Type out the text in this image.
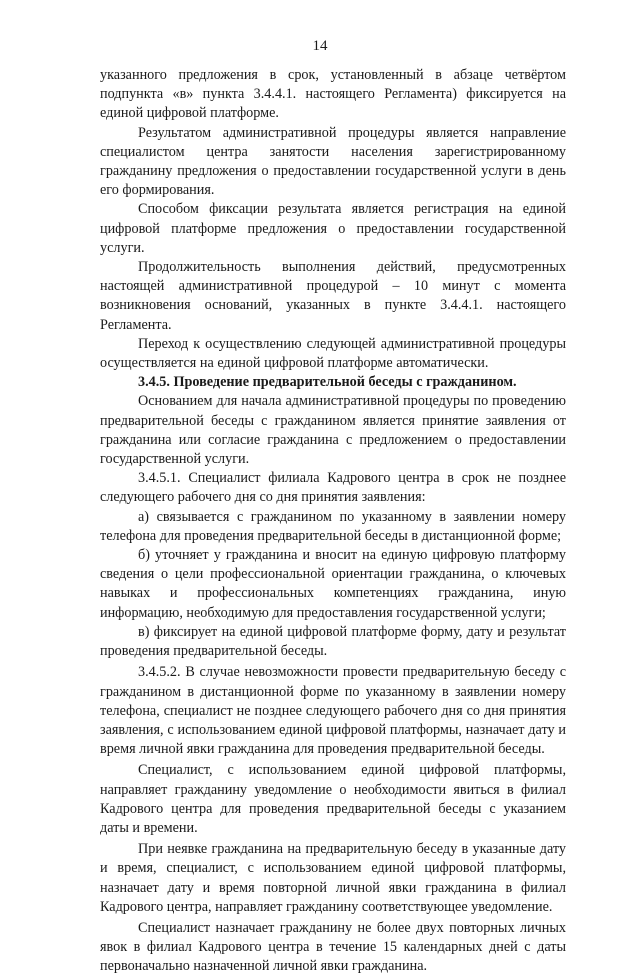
14

указанного предложения в срок, установленный в абзаце четвёртом подпункта «в» пункта 3.4.4.1. настоящего Регламента) фиксируется на единой цифровой платформе.

Результатом административной процедуры является направление специалистом центра занятости населения зарегистрированному гражданину предложения о предоставлении государственной услуги в день его формирования.

Способом фиксации результата является регистрация на единой цифровой платформе предложения о предоставлении государственной услуги.

Продолжительность выполнения действий, предусмотренных настоящей административной процедурой – 10 минут с момента возникновения оснований, указанных в пункте 3.4.4.1. настоящего Регламента.

Переход к осуществлению следующей административной процедуры осуществляется на единой цифровой платформе автоматически.

3.4.5. Проведение предварительной беседы с гражданином.

Основанием для начала административной процедуры по проведению предварительной беседы с гражданином является принятие заявления от гражданина или согласие гражданина с предложением о предоставлении государственной услуги.

3.4.5.1. Специалист филиала Кадрового центра в срок не позднее следующего рабочего дня со дня принятия заявления:

а) связывается с гражданином по указанному в заявлении номеру телефона для проведения предварительной беседы в дистанционной форме;

б) уточняет у гражданина и вносит на единую цифровую платформу сведения о цели профессиональной ориентации гражданина, о ключевых навыках и профессиональных компетенциях гражданина, иную информацию, необходимую для предоставления государственной услуги;

в) фиксирует на единой цифровой платформе форму, дату и результат проведения предварительной беседы.

3.4.5.2. В случае невозможности провести предварительную беседу с гражданином в дистанционной форме по указанному в заявлении номеру телефона, специалист не позднее следующего рабочего дня со дня принятия заявления, с использованием единой цифровой платформы, назначает дату и время личной явки гражданина для проведения предварительной беседы.

Специалист, с использованием единой цифровой платформы, направляет гражданину уведомление о необходимости явиться в филиал Кадрового центра для проведения предварительной беседы с указанием даты и времени.

При неявке гражданина на предварительную беседу в указанные дату и время, специалист, с использованием единой цифровой платформы, назначает дату и время повторной личной явки гражданина в филиал Кадрового центра, направляет гражданину соответствующее уведомление.

Специалист назначает гражданину не более двух повторных личных явок в филиал Кадрового центра в течение 15 календарных дней с даты первоначально назначенной личной явки гражданина.
